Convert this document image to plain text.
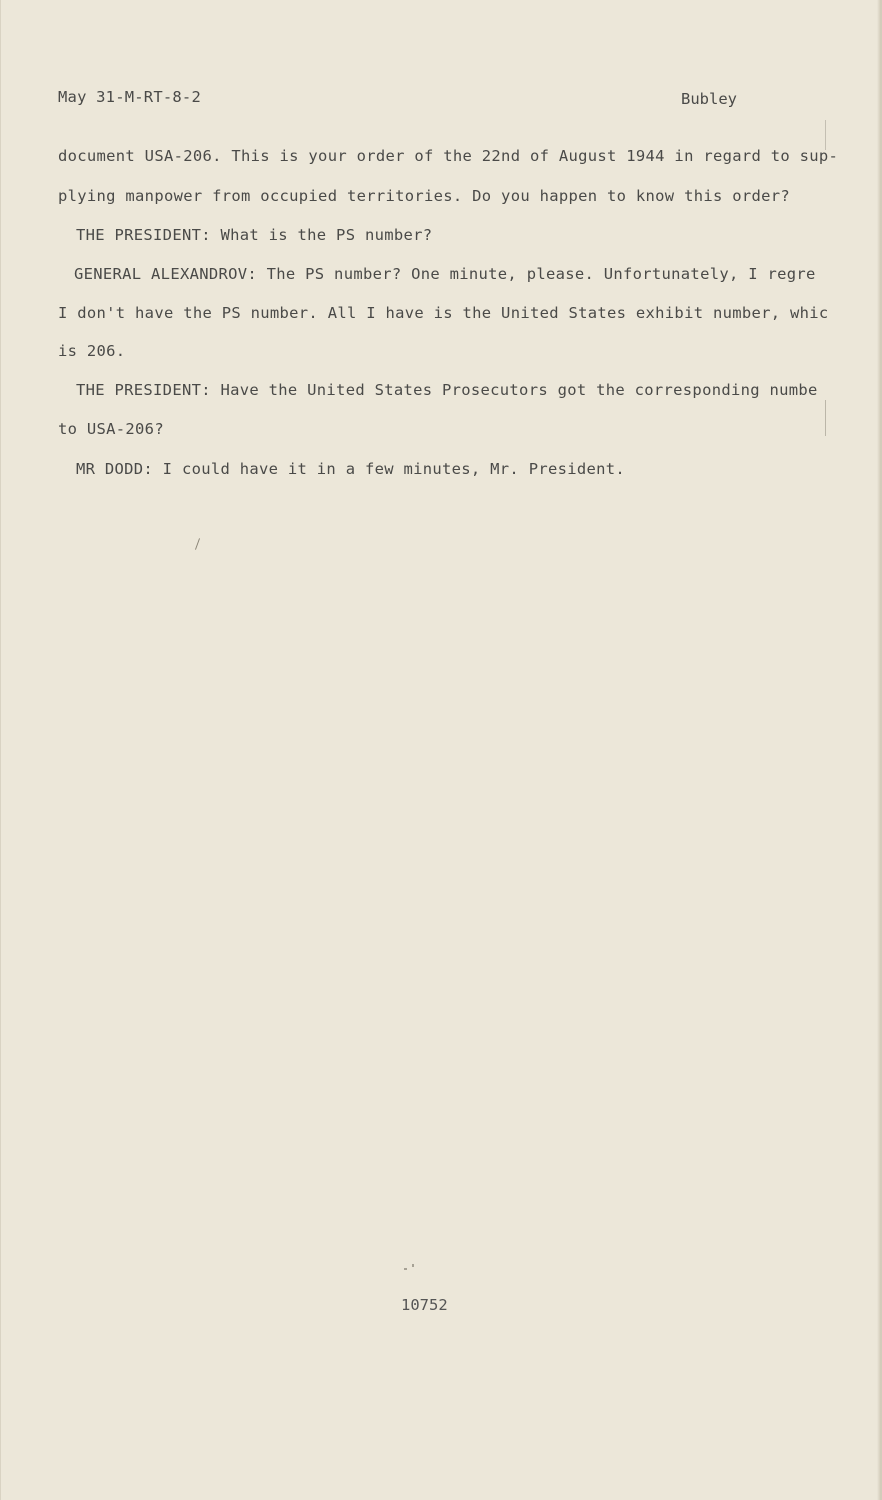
May 31-M-RT-8-2	Bubley
document USA-206. This is your order of the 22nd of August 1944 in regard to sup-
plying manpower from occupied territories. Do you happen to know this order?
THE PRESIDENT: What is the PS number?
GENERAL ALEXANDROV: The PS number? One minute, please. Unfortunately, I regre
I don't have the PS number. All I have is the United States exhibit number, whic
is 206.
THE PRESIDENT: Have the United States Prosecutors got the corresponding numbe
to USA-206?
MR DODD: I could have it in a few minutes, Mr. President.
10752
